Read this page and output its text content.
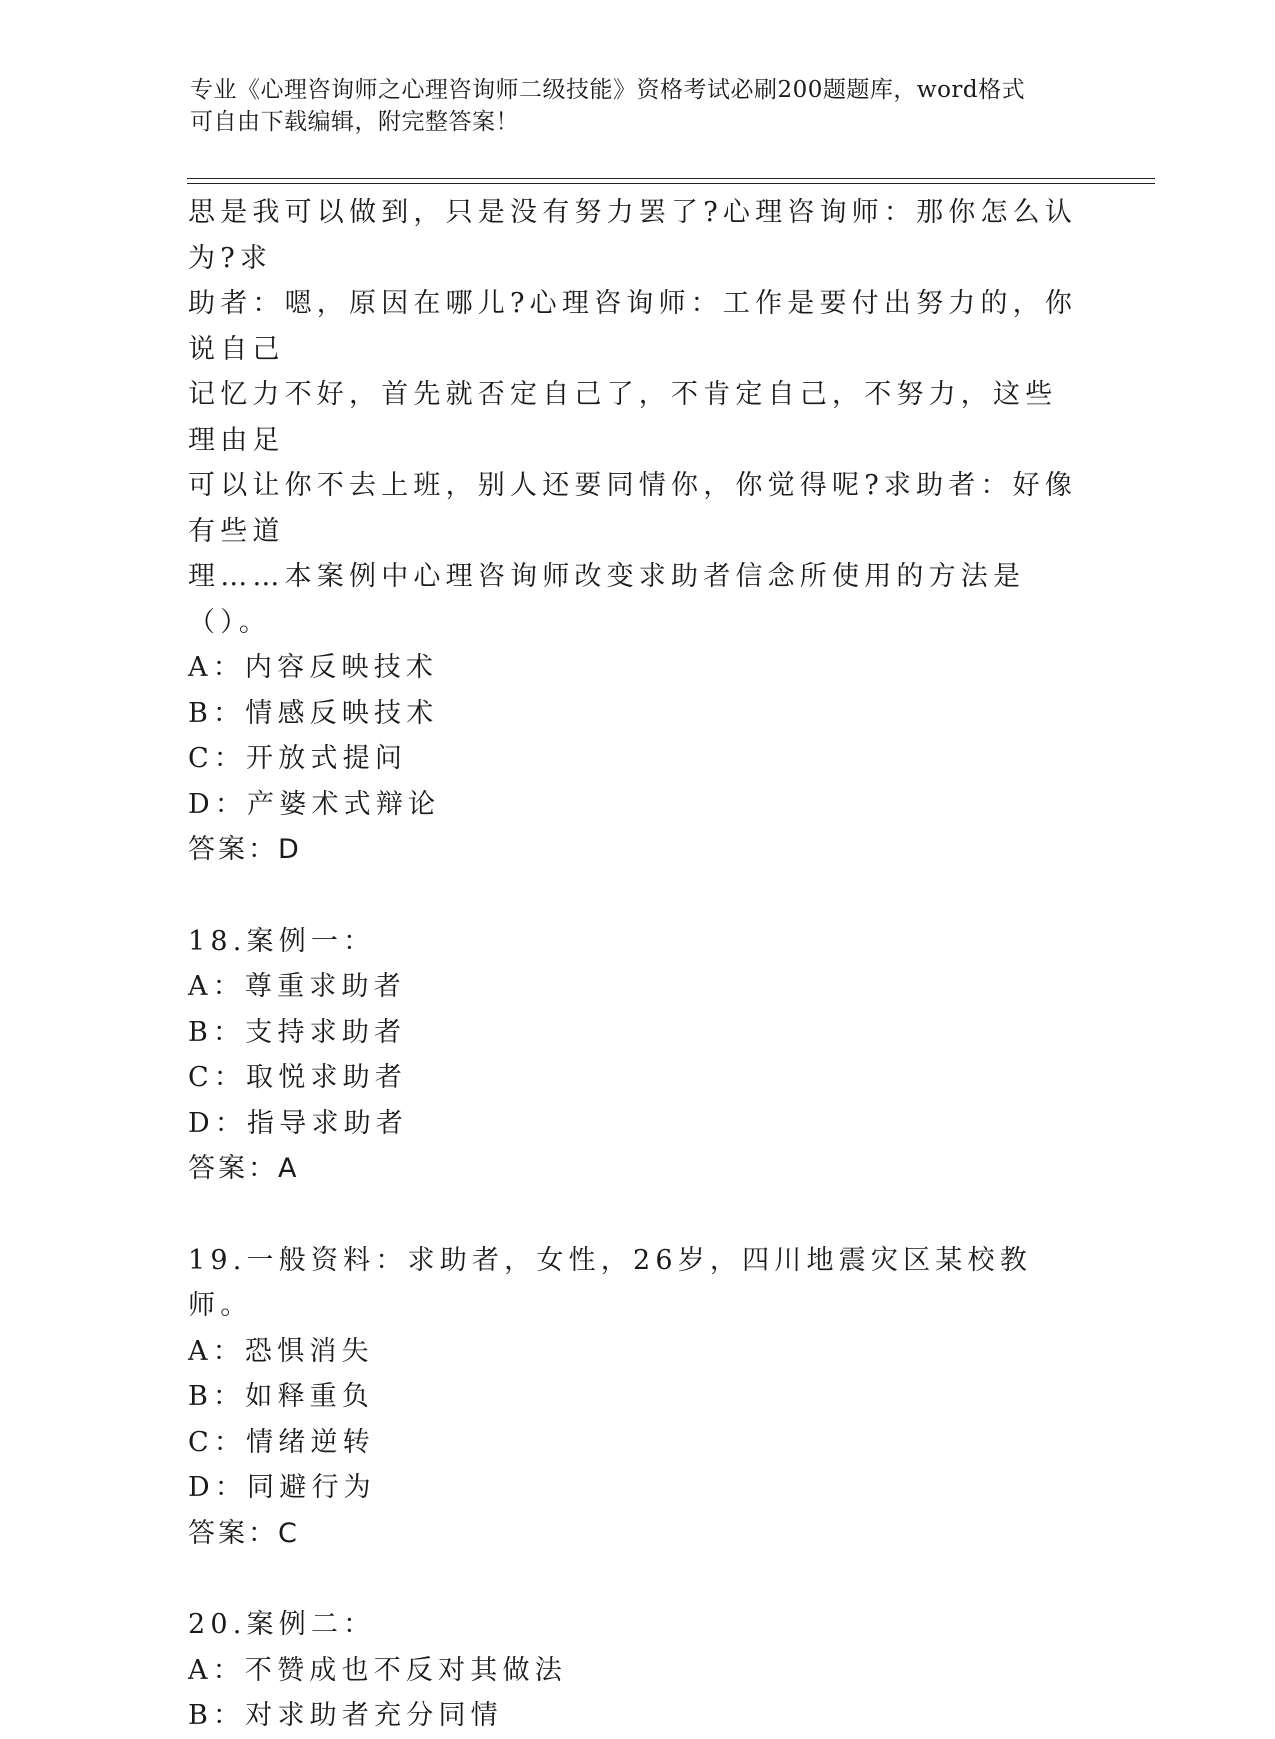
专业《心理咨询师之心理咨询师二级技能》资格考试必刷200题题库，word格式
可自由下载编辑，附完整答案！

思是我可以做到，只是没有努力罢了?心理咨询师：那你怎么认为?求

助者：嗯，原因在哪儿?心理咨询师：工作是要付出努力的，你说自己

记忆力不好，首先就否定自己了，不肯定自己，不努力，这些理由足

可以让你不去上班，别人还要同情你，你觉得呢?求助者：好像有些道

理……本案例中心理咨询师改变求助者信念所使用的方法是（）。

A：内容反映技术

B：情感反映技术

C：开放式提问

D：产婆术式辩论

答案：D

18.案例一：

A：尊重求助者

B：支持求助者

C：取悦求助者

D：指导求助者

答案：A

19.一般资料：求助者，女性，26岁，四川地震灾区某校教师。

A：恐惧消失

B：如释重负

C：情绪逆转

D：同避行为

答案：C

20.案例二：

A：不赞成也不反对其做法

B：对求助者充分同情
